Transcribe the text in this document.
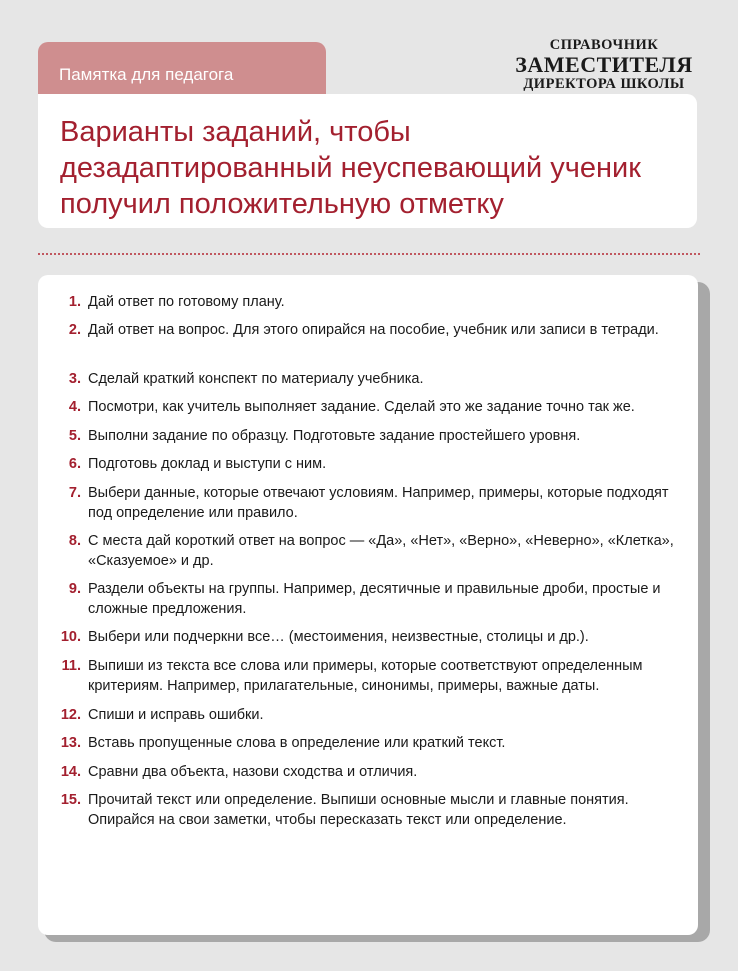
Памятка для педагога
СПРАВОЧНИК
ЗАМЕСТИТЕЛЯ
ДИРЕКТОРА ШКОЛЫ
Варианты заданий, чтобы дезадаптированный неуспевающий ученик получил положительную отметку
1. Дай ответ по готовому плану.
2. Дай ответ на вопрос. Для этого опирайся на пособие, учебник или записи в тетради.
3. Сделай краткий конспект по материалу учебника.
4. Посмотри, как учитель выполняет задание. Сделай это же задание точно так же.
5. Выполни задание по образцу. Подготовьте задание простейшего уровня.
6. Подготовь доклад и выступи с ним.
7. Выбери данные, которые отвечают условиям. Например, примеры, которые подходят под определение или правило.
8. С места дай короткий ответ на вопрос — «Да», «Нет», «Верно», «Неверно», «Клетка», «Сказуемое» и др.
9. Раздели объекты на группы. Например, десятичные и правильные дроби, простые и сложные предложения.
10. Выбери или подчеркни все… (местоимения, неизвестные, столицы и др.).
11. Выпиши из текста все слова или примеры, которые соответствуют определенным критериям. Например, прилагательные, синонимы, примеры, важные даты.
12. Спиши и исправь ошибки.
13. Вставь пропущенные слова в определение или краткий текст.
14. Сравни два объекта, назови сходства и отличия.
15. Прочитай текст или определение. Выпиши основные мысли и главные понятия. Опирайся на свои заметки, чтобы пересказать текст или определение.
